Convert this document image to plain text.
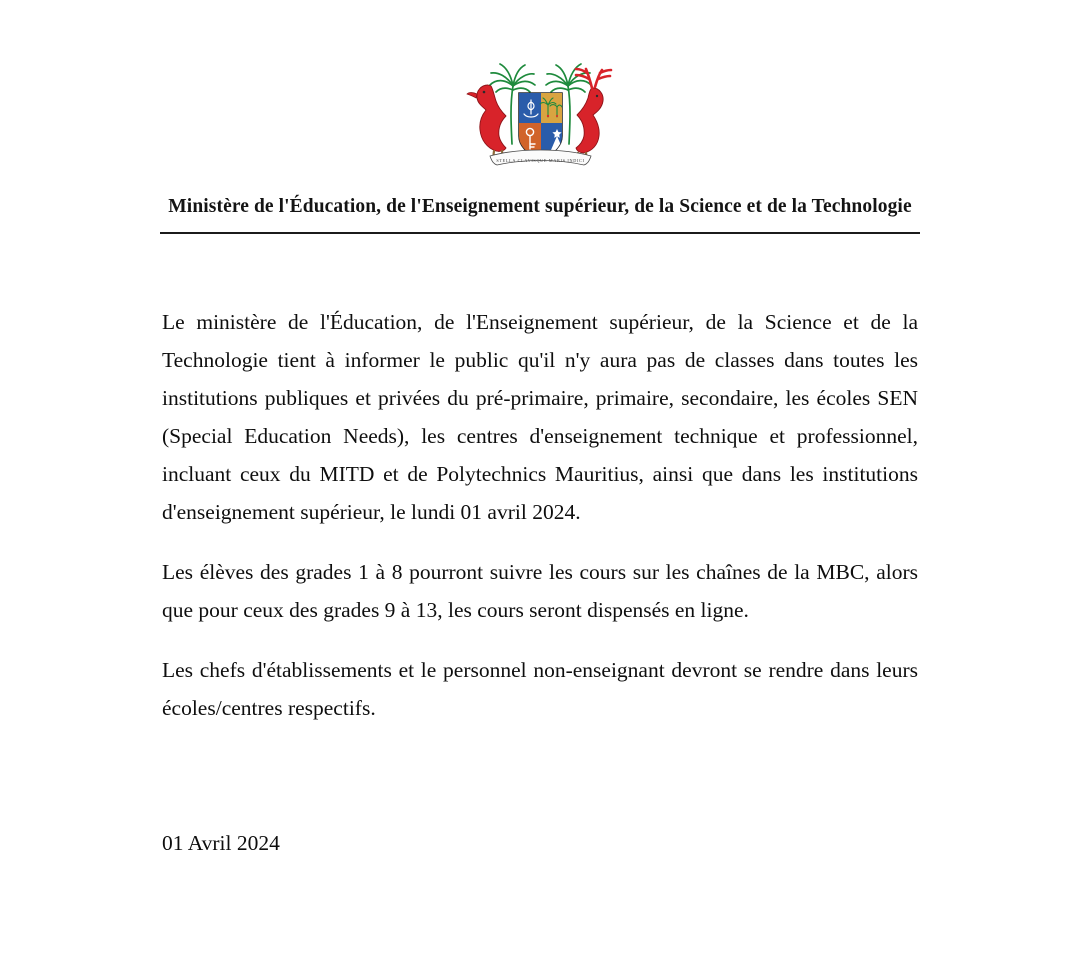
STELLA CLAVISQUE MARIS INDICI
Ministère de l'Éducation, de l'Enseignement supérieur, de la Science et de la Technologie

Le ministère de l'Éducation, de l'Enseignement supérieur, de la Science et de la Technologie tient à informer le public qu'il n'y aura pas de classes dans toutes les institutions publiques et privées du pré-primaire, primaire, secondaire, les écoles SEN (Special Education Needs), les centres d'enseignement technique et professionnel, incluant ceux du MITD et de Polytechnics Mauritius, ainsi que dans les institutions d'enseignement supérieur, le lundi 01 avril 2024.

Les élèves des grades 1 à 8 pourront suivre les cours sur les chaînes de la MBC, alors que pour ceux des grades 9 à 13, les cours seront dispensés en ligne.

Les chefs d'établissements et le personnel non-enseignant devront se rendre dans leurs écoles/centres respectifs.

01 Avril 2024
